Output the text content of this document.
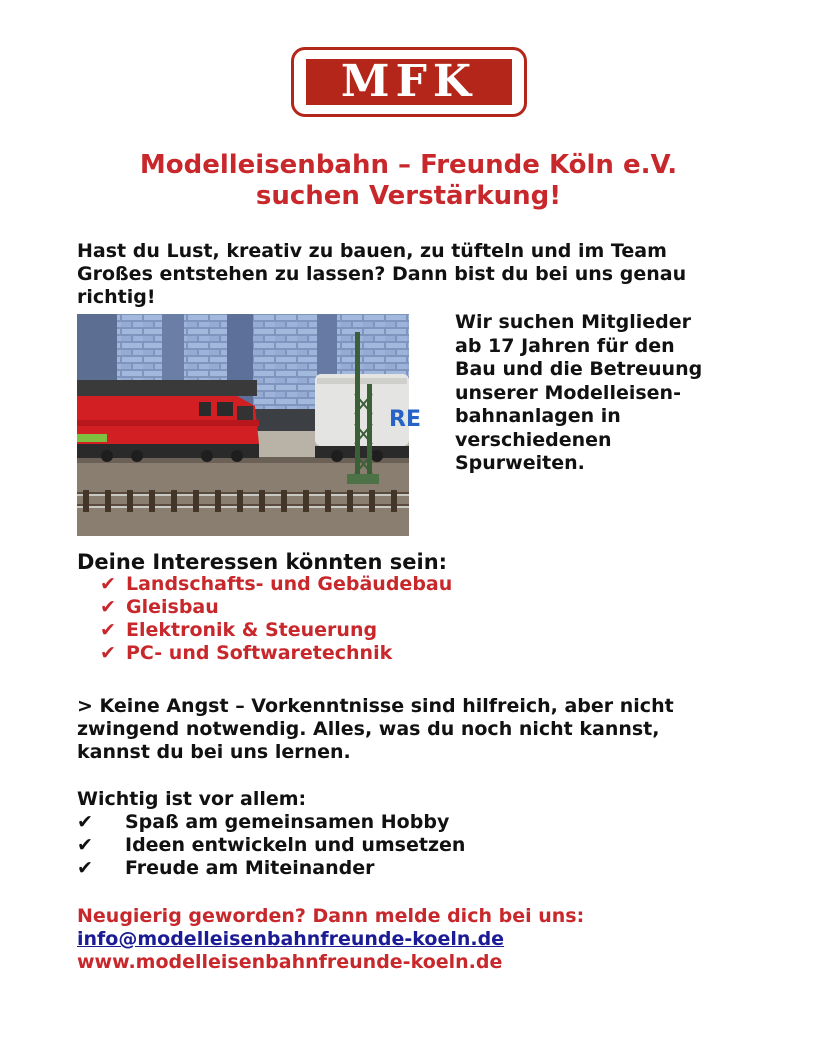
MFK
Modelleisenbahn – Freunde Köln e.V.
suchen Verstärkung!

Hast du Lust, kreativ zu bauen, zu tüfteln und im Team Großes entstehen zu lassen? Dann bist du bei uns genau richtig!

RE
Wir suchen Mitglieder
ab 17 Jahren für den
Bau und die Betreuung
unserer Modelleisen-
bahnanlagen in
verschiedenen
Spurweiten.
Deine Interessen könnten sein:
✔ Landschafts- und Gebäudebau
✔ Gleisbau
✔ Elektronik & Steuerung
✔ PC- und Softwaretechnik
> Keine Angst – Vorkenntnisse sind hilfreich, aber nicht
zwingend notwendig. Alles, was du noch nicht kannst,
kannst du bei uns lernen.
Wichtig ist vor allem:
✔ Spaß am gemeinsamen Hobby
✔ Ideen entwickeln und umsetzen
✔ Freude am Miteinander
Neugierig geworden? Dann melde dich bei uns:
info@modelleisenbahnfreunde-koeln.de
www.modelleisenbahnfreunde-koeln.de
